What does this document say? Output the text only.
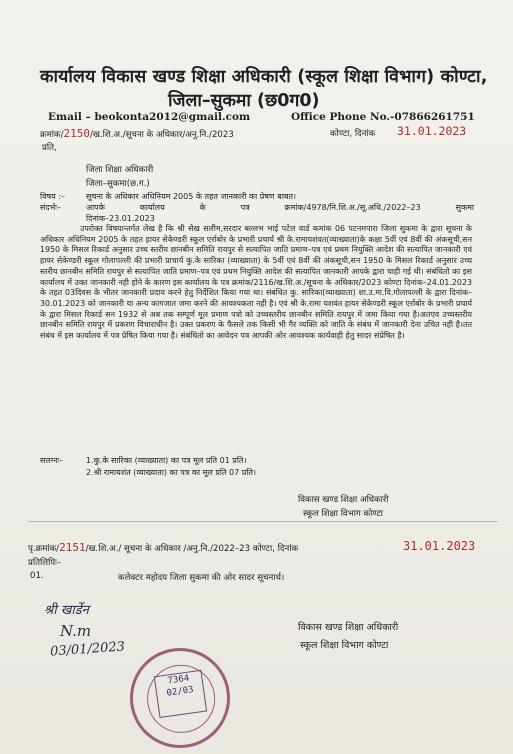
कार्यालय विकास खण्ड शिक्षा अधिकारी (स्कूल शिक्षा विभाग) कोण्टा,
जिला–सुकमा (छ0ग0)
Email – beokonta2012@gmail.com	Office Phone No.-07866261751
क्रमांक/2150/ख.शि.अ./सूचना के अधिकार/अनु.नि./2023	कोण्टा, दिनांक 31.01.2023
प्रति,
जिला शिक्षा अधिकारी
जिला–सुकमा(छ.ग.)
विषय :–	सूचना के अधिकार अधिनियम 2005 के तहत जानकारी का प्रेषण बाबत।
संदर्भः–	आपके कार्यालय के पत्र क्रमांक/4978/नि.शि.अ./सू.अधि./2022–23 सुकमा
दिनांक–23.01.2023
उपरोक्त विषयान्तर्गत लेख है कि श्री सेख सलीम,सरदार बल्लभ भाई पटेल वार्ड कमांक 06 पटनमपारा जिला सुकमा के द्वारा सूचना के अधिकार अधिनियम 2005 के तहत हायर सेकेण्डरी स्कूल एर्राबोर के प्रभारी प्रचार्य श्री के.रामायशंवत(व्याख्याता)के कक्षा 5वीं एवं 8वीं की अंकसूची,सन 1950 के मिसल रिकार्ड अनुसार उच्च स्तरीय छानबीन समिति रायपुर से सत्यापित जाति प्रमाण–पत्र एवं प्रथम नियुक्ति आदेश की सत्यापित जानकारी एवं हायर सेकेण्डरी स्कूल गोलापल्ली की प्रभारी प्राचार्य कु.के सारिका (व्याख्याता) के 5वीं एवं 8वीं की अंकसूची,सन 1950 के मिसल रिकार्ड अनुसार उच्च स्तरीय छानबीन समिति रायपुर से सत्यापित जाति प्रमाण–पत्र एवं प्रथम नियुक्ति आदेश की सत्यापित जानकारी आपके द्वारा चाही गई थी। संबंधितो का इस कार्यालय में उक्त जानकारी नही होने के कारण इस कार्यालय के पत्र क्रमांक/2116/ख.शि.अ./सूचना के अधिकार/2023 कोण्टा दिनांक–24.01.2023 के तहत 03दिवस के भीतर जानकारी प्रदाय करने हेतु निर्देशित किया गया था। संबंधित कु. सारिका(व्याख्याता) शा.उ.मा.वि.गोलापल्ली के द्वारा दिनांक–30.01.2023 को जानकारी या अन्य कागजात जमा करने की आवश्यकता नही है। एवं श्री के.रामा यशवंत हायर सेकेण्डरी स्कूल एर्राबोर के प्रभारी प्रचार्य के द्वारा मिसल रिकार्ड सन 1932 से अब तक सम्पूर्ण मूल प्रमाण पत्रो को उच्चस्तरीय छानबीन समिति रायपुर में जमा किया गया है।अतएव उच्चस्तरीय छानबीन समिति रायपुर में प्रकरण विचाराधीन है। उक्त प्रकरण के फैसले तक किसी भी गैर व्यक्ति को जाति के संबंध में जानकारी देना उचित नही है।तत संबंध में इस कार्यालय में पत्र प्रेषित किया गया है। संबंधितो का आवेदन पत्र आपकी ओर आवश्यक कार्यवाही हेतु सादर संप्रेषित है।
सलग्नः–	1.कु.के सारिका (व्याख्याता) का पत्र मूल प्रति 01 प्रति।
2.श्री रामायशंत (व्याख्याता) का पत्र का मूल प्रति 07 प्रति।
विकास खण्ड शिक्षा अधिकारी
स्कूल शिक्षा विभाग कोण्टा
पृ.क्रमांक/2151/ख.शि.अ./ सूचना के अधिकार /अनु.नि./2022–23 कोण्टा, दिनांक	31.01.2023
प्रतिलिपिः–
01.	कलेक्टर महोदय जिला सुकमा की ओर सादर सूचनार्थ।
विकास खण्ड शिक्षा अधिकारी
स्कूल शिक्षा विभाग कोण्टा
श्री खार्डेन
N.m
03/01/2023
7364
02/03
